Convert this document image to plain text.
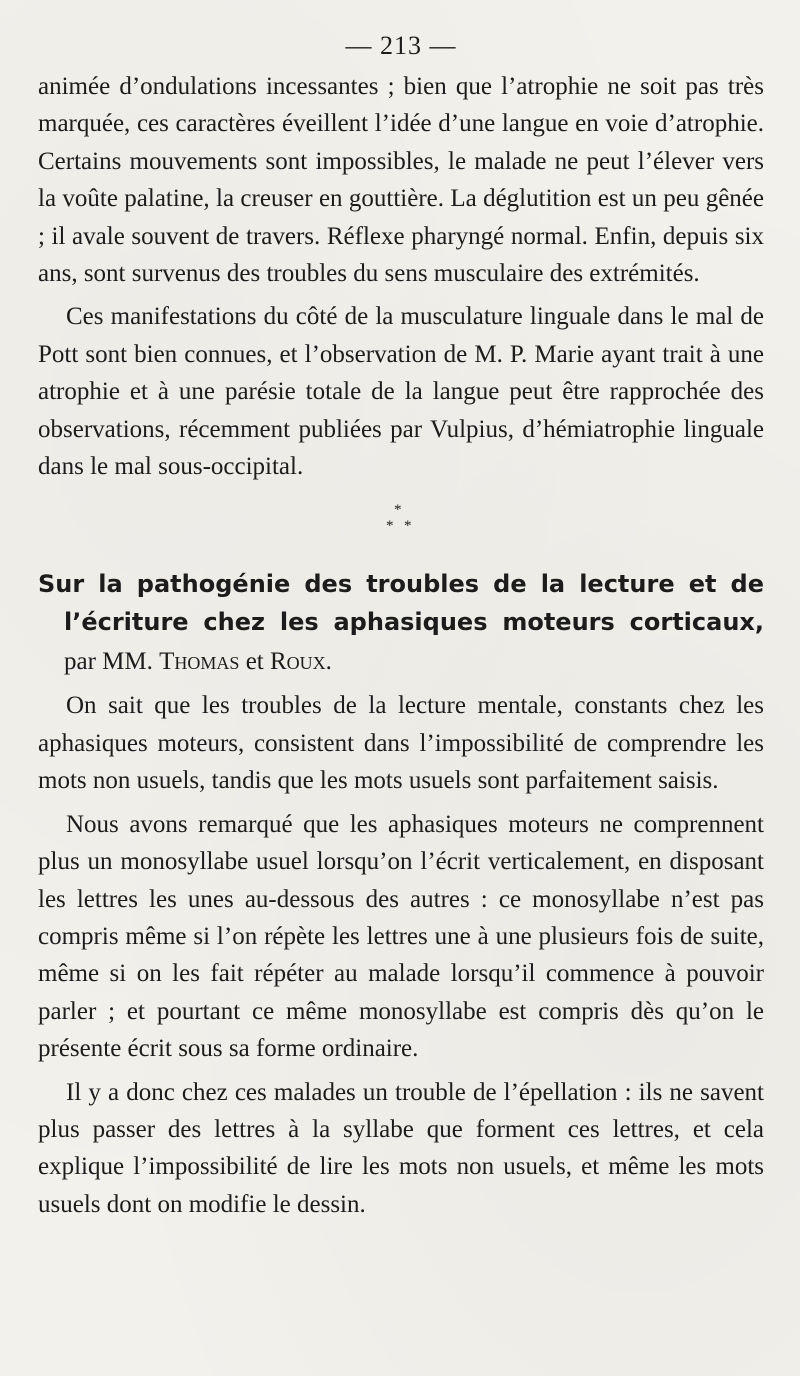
— 213 —

animée d’ondulations incessantes ; bien que l’atrophie ne soit pas très marquée, ces caractères éveillent l’idée d’une langue en voie d’atrophie. Certains mouvements sont impossibles, le malade ne peut l’élever vers la voûte palatine, la creuser en gouttière. La déglutition est un peu gênée ; il avale souvent de travers. Réflexe pharyngé normal. Enfin, depuis six ans, sont survenus des troubles du sens musculaire des extrémités.

Ces manifestations du côté de la musculature linguale dans le mal de Pott sont bien connues, et l’observation de M. P. Marie ayant trait à une atrophie et à une parésie totale de la langue peut être rapprochée des observations, récemment publiées par Vulpius, d’hémiatrophie linguale dans le mal sous-occipital.

*
* *
Sur la pathogénie des troubles de la lecture et de l’écriture chez les aphasiques moteurs corticaux, par MM. Thomas et Roux.

On sait que les troubles de la lecture mentale, constants chez les aphasiques moteurs, consistent dans l’impossibilité de comprendre les mots non usuels, tandis que les mots usuels sont parfaitement saisis.

Nous avons remarqué que les aphasiques moteurs ne comprennent plus un monosyllabe usuel lorsqu’on l’écrit verticalement, en disposant les lettres les unes au-dessous des autres : ce monosyllabe n’est pas compris même si l’on répète les lettres une à une plusieurs fois de suite, même si on les fait répéter au malade lorsqu’il commence à pouvoir parler ; et pourtant ce même monosyllabe est compris dès qu’on le présente écrit sous sa forme ordinaire.

Il y a donc chez ces malades un trouble de l’épellation : ils ne savent plus passer des lettres à la syllabe que forment ces lettres, et cela explique l’impossibilité de lire les mots non usuels, et même les mots usuels dont on modifie le dessin.
